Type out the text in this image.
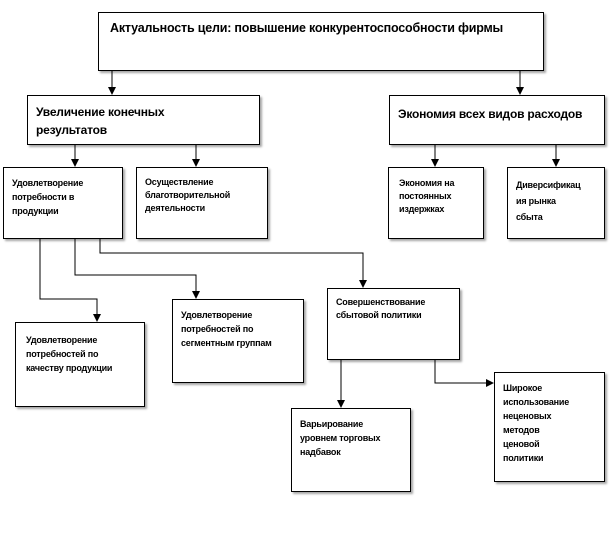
Актуальность цели: повышение конкурентоспособности фирмы
Увеличение конечных
результатов
Экономия всех видов расходов
Удовлетворение
потребности в
продукции
Осуществление
благотворительной
деятельности
Экономия на
постоянных
издержках
Диверсификац
ия рынка
сбыта
Удовлетворение
потребностей по
качеству продукции
Удовлетворение
потребностей по
сегментным группам
Совершенствование
сбытовой политики
Варьирование
уровнем торговых
надбавок
Широкое
использование
неценовых
методов
ценовой
политики
